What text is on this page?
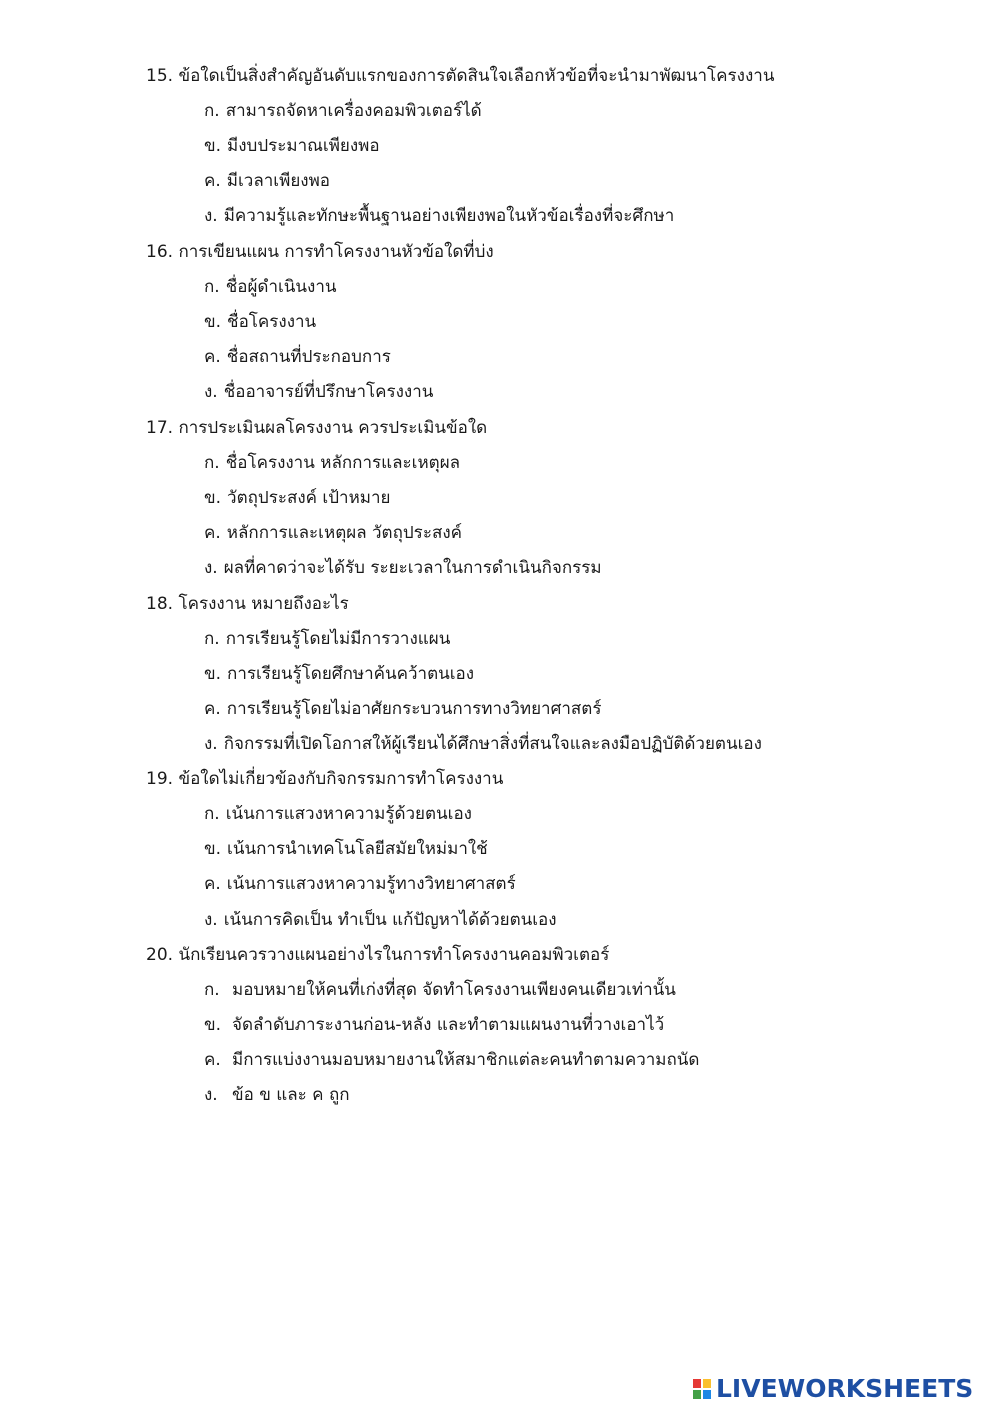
15. ข้อใดเป็นสิ่งสำคัญอันดับแรกของการตัดสินใจเลือกหัวข้อที่จะนำมาพัฒนาโครงงาน
ก. สามารถจัดหาเครื่องคอมพิวเตอร์ได้
ข. มีงบประมาณเพียงพอ
ค. มีเวลาเพียงพอ
ง. มีความรู้และทักษะพื้นฐานอย่างเพียงพอในหัวข้อเรื่องที่จะศึกษา
16. การเขียนแผน การทำโครงงานหัวข้อใดที่บ่ง
ก. ชื่อผู้ดำเนินงาน
ข. ชื่อโครงงาน
ค. ชื่อสถานที่ประกอบการ
ง. ชื่ออาจารย์ที่ปรึกษาโครงงาน
17. การประเมินผลโครงงาน ควรประเมินข้อใด
ก. ชื่อโครงงาน หลักการและเหตุผล
ข. วัตถุประสงค์ เป้าหมาย
ค. หลักการและเหตุผล วัตถุประสงค์
ง. ผลที่คาดว่าจะได้รับ ระยะเวลาในการดำเนินกิจกรรม
18. โครงงาน หมายถึงอะไร
ก. การเรียนรู้โดยไม่มีการวางแผน
ข. การเรียนรู้โดยศึกษาค้นคว้าตนเอง
ค. การเรียนรู้โดยไม่อาศัยกระบวนการทางวิทยาศาสตร์
ง. กิจกรรมที่เปิดโอกาสให้ผู้เรียนได้ศึกษาสิ่งที่สนใจและลงมือปฏิบัติด้วยตนเอง
19. ข้อใดไม่เกี่ยวข้องกับกิจกรรมการทำโครงงาน
ก. เน้นการแสวงหาความรู้ด้วยตนเอง
ข. เน้นการนำเทคโนโลยีสมัยใหม่มาใช้
ค. เน้นการแสวงหาความรู้ทางวิทยาศาสตร์
ง. เน้นการคิดเป็น ทำเป็น แก้ปัญหาได้ด้วยตนเอง
20. นักเรียนควรวางแผนอย่างไรในการทำโครงงานคอมพิวเตอร์
ก. มอบหมายให้คนที่เก่งที่สุด จัดทำโครงงานเพียงคนเดียวเท่านั้น
ข. จัดลำดับภาระงานก่อน-หลัง และทำตามแผนงานที่วางเอาไว้
ค. มีการแบ่งงานมอบหมายงานให้สมาชิกแต่ละคนทำตามความถนัด
ง. ข้อ ข และ ค ถูก
LIVEWORKSHEETS
